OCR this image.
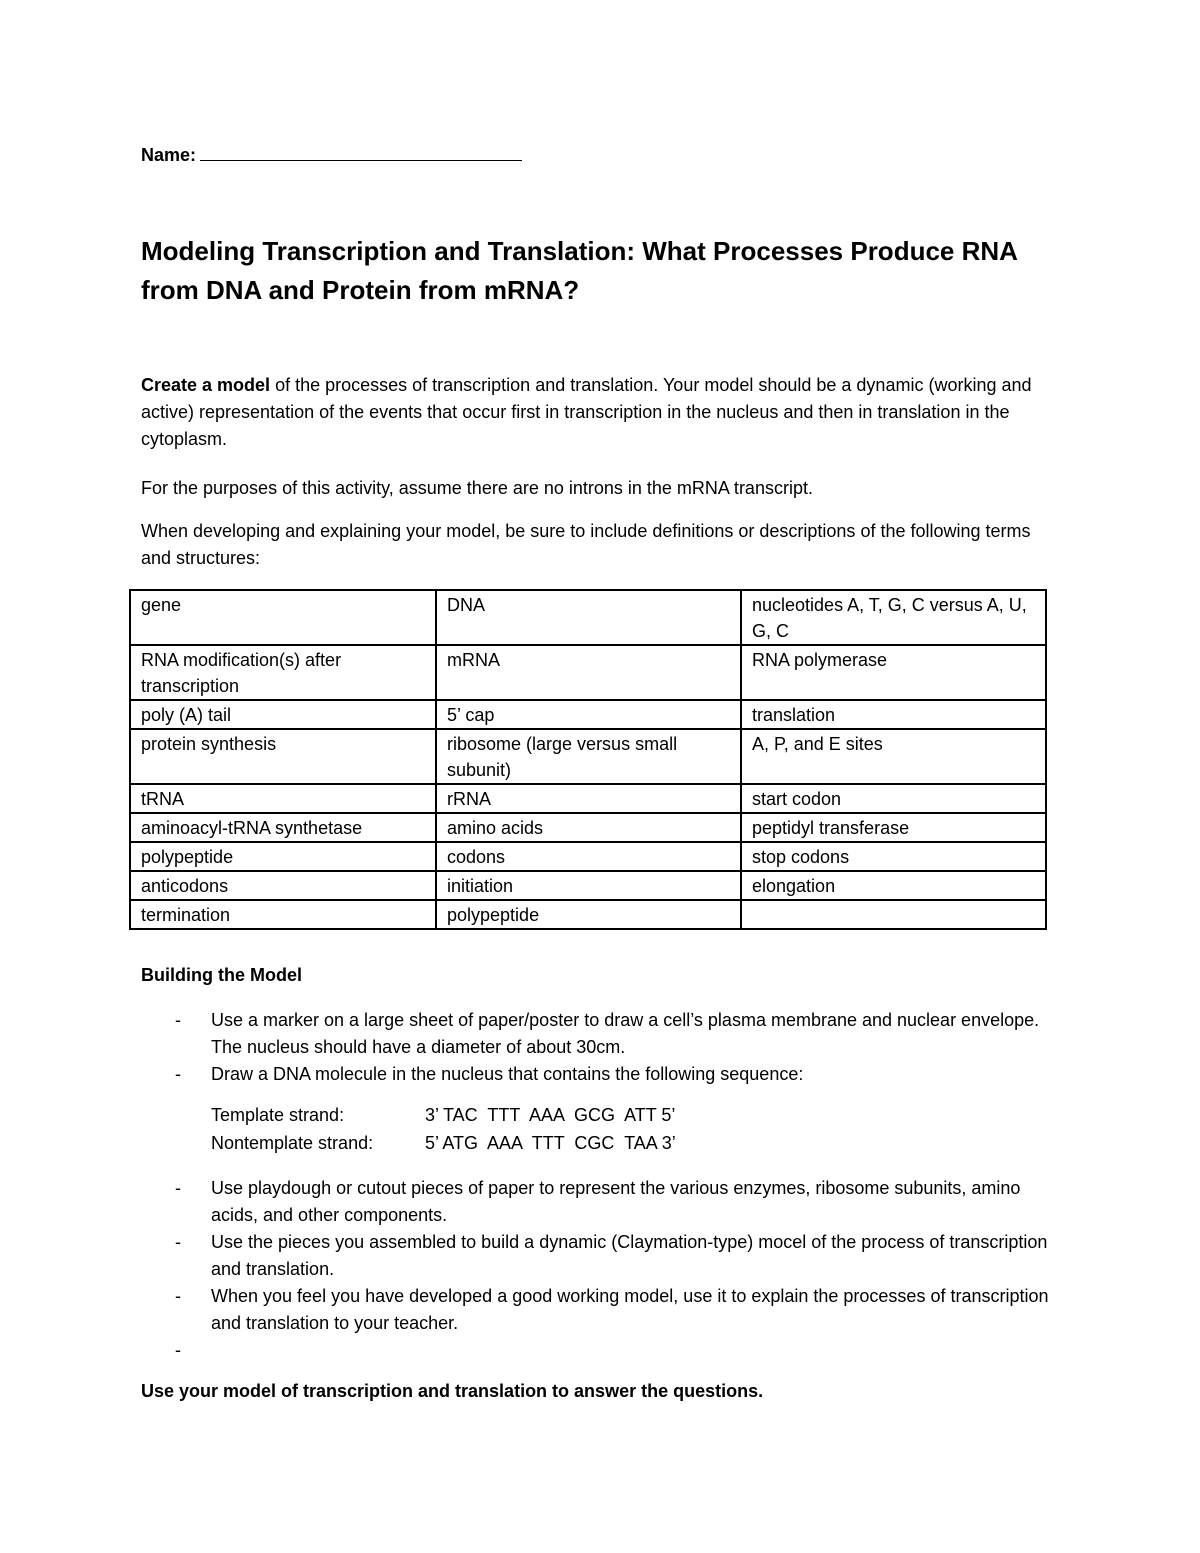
Name:
Modeling Transcription and Translation: What Processes Produce RNA from DNA and Protein from mRNA?

Create a model of the processes of transcription and translation. Your model should be a dynamic (working and active) representation of the events that occur first in transcription in the nucleus and then in translation in the cytoplasm.

For the purposes of this activity, assume there are no introns in the mRNA transcript.

When developing and explaining your model, be sure to include definitions or descriptions of the following terms and structures:

gene	DNA	nucleotides A, T, G, C versus A, U, G, C
RNA modification(s) after transcription	mRNA	RNA polymerase
poly (A) tail	5’ cap	translation
protein synthesis	ribosome (large versus small subunit)	A, P, and E sites
tRNA	rRNA	start codon
aminoacyl-tRNA synthetase	amino acids	peptidyl transferase
polypeptide	codons	stop codons
anticodons	initiation	elongation
termination	polypeptide	

Building the Model

- Use a marker on a large sheet of paper/poster to draw a cell’s plasma membrane and nuclear envelope. The nucleus should have a diameter of about 30cm.
- Draw a DNA molecule in the nucleus that contains the following sequence:
Template strand:	3’ TAC  TTT  AAA  GCG  ATT 5’
Nontemplate strand:	5’ ATG  AAA  TTT  CGC  TAA 3’
- Use playdough or cutout pieces of paper to represent the various enzymes, ribosome subunits, amino acids, and other components.
- Use the pieces you assembled to build a dynamic (Claymation-type) mocel of the process of transcription and translation.
- When you feel you have developed a good working model, use it to explain the processes of transcription and translation to your teacher.
-

Use your model of transcription and translation to answer the questions.
